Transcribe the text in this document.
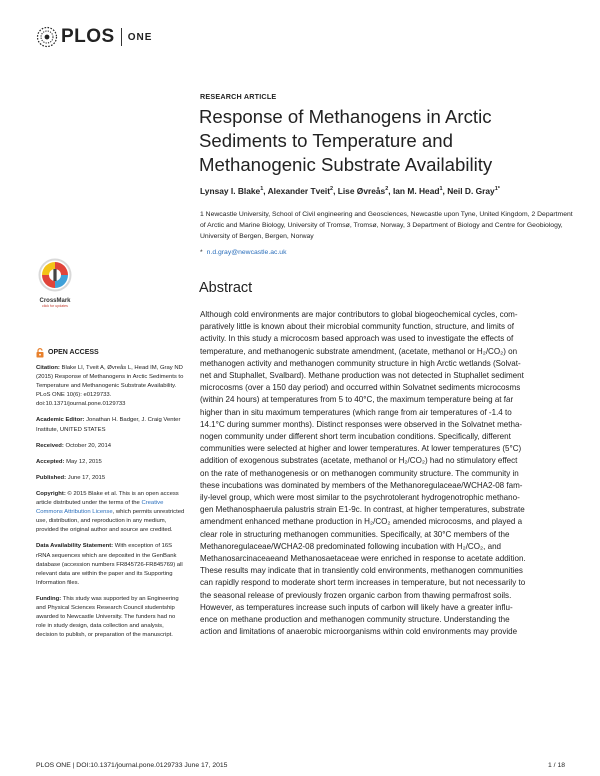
PLOS ONE
RESEARCH ARTICLE
Response of Methanogens in Arctic Sediments to Temperature and Methanogenic Substrate Availability
Lynsay I. Blake$^1$, Alexander Tveit$^2$, Lise Øvreås$^2$, Ian M. Head$^1$, Neil D. Gray$^{1*}$
1 Newcastle University, School of Civil engineering and Geosciences, Newcastle upon Tyne, United Kingdom, 2 Department of Arctic and Marine Biology, University of Tromsø, Tromsø, Norway, 3 Department of Biology and Centre for Geobiology, University of Bergen, Bergen, Norway
* n.d.gray@newcastle.ac.uk
CrossMark
click for updates
Abstract

Although cold environments are major contributors to global biogeochemical cycles, com-

paratively little is known about their microbial community function, structure, and limits of

activity. In this study a microcosm based approach was used to investigate the effects of

temperature, and methanogenic substrate amendment, (acetate, methanol or H₂/CO₂) on

methanogen activity and methanogen community structure in high Arctic wetlands (Solvat-

net and Stuphallet, Svalbard). Methane production was not detected in Stuphallet sediment

microcosms (over a 150 day period) and occurred within Solvatnet sediments microcosms

(within 24 hours) at temperatures from 5 to 40°C, the maximum temperature being at far

higher than in situ maximum temperatures (which range from air temperatures of -1.4 to

14.1°C during summer months). Distinct responses were observed in the Solvatnet metha-

nogen community under different short term incubation conditions. Specifically, different

communities were selected at higher and lower temperatures. At lower temperatures (5°C)

addition of exogenous substrates (acetate, methanol or H₂/CO₂) had no stimulatory effect

on the rate of methanogenesis or on methanogen community structure. The community in

these incubations was dominated by members of the Methanoregulaceae/WCHA2-08 fam-

ily-level group, which were most similar to the psychrotolerant hydrogenotrophic methano-

gen Methanosphaerula palustris strain E1-9c. In contrast, at higher temperatures, substrate

amendment enhanced methane production in H₂/CO₂ amended microcosms, and played a

clear role in structuring methanogen communities. Specifically, at 30°C members of the

Methanoregulaceae/WCHA2-08 predominated following incubation with H₂/CO₂, and

Methanosarcinaceaeand Methanosaetaceae were enriched in response to acetate addition.

These results may indicate that in transiently cold environments, methanogen communities

can rapidly respond to moderate short term increases in temperature, but not necessarily to

the seasonal release of previously frozen organic carbon from thawing permafrost soils.

However, as temperatures increase such inputs of carbon will likely have a greater influ-

ence on methane production and methanogen community structure. Understanding the

action and limitations of anaerobic microorganisms within cold environments may provide

OPEN ACCESS
Citation: Blake LI, Tveit A, Øvreås L, Head IM, Gray ND (2015) Response of Methanogens in Arctic Sediments to Temperature and Methanogenic Substrate Availability. PLoS ONE 10(6): e0129733. doi:10.1371/journal.pone.0129733
Academic Editor: Jonathan H. Badger, J. Craig Venter Institute, UNITED STATES
Received: October 20, 2014
Accepted: May 12, 2015
Published: June 17, 2015
Copyright: © 2015 Blake et al. This is an open access article distributed under the terms of the Creative Commons Attribution License, which permits unrestricted use, distribution, and reproduction in any medium, provided the original author and source are credited.
Data Availability Statement: With exception of 16S rRNA sequences which are deposited in the GenBank database (accession numbers FR845726-FR845769) all relevant data are within the paper and its Supporting Information files.
Funding: This study was supported by an Engineering and Physical Sciences Research Council studentship awarded to Newcastle University. The funders had no role in study design, data collection and analysis, decision to publish, or preparation of the manuscript.
PLOS ONE | DOI:10.1371/journal.pone.0129733 June 17, 2015	1 / 18
